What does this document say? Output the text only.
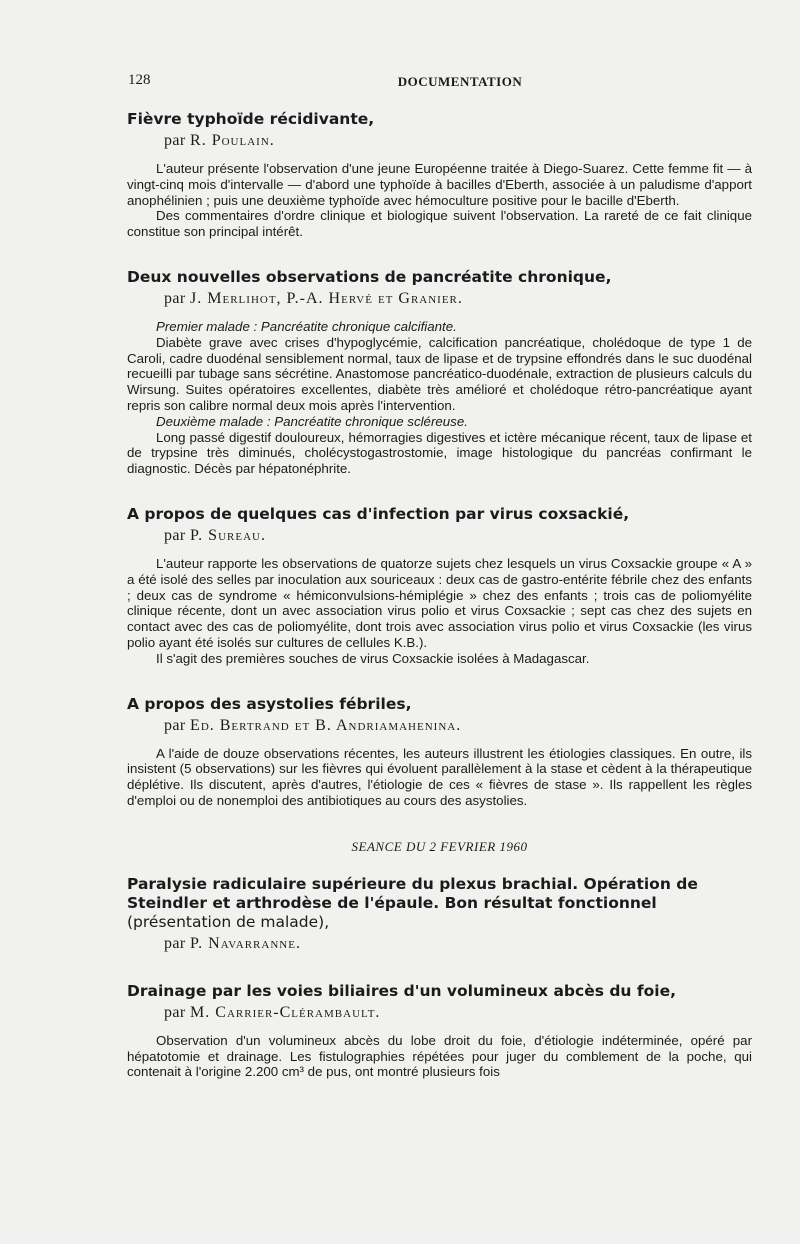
128	DOCUMENTATION
Fièvre typhoïde récidivante,
par R. Poulain.

L'auteur présente l'observation d'une jeune Européenne traitée à Diego-Suarez. Cette femme fit — à vingt-cinq mois d'intervalle — d'abord une typhoïde à bacilles d'Eberth, associée à un paludisme d'apport anophélinien ; puis une deuxième typhoïde avec hémoculture positive pour le bacille d'Eberth.

Des commentaires d'ordre clinique et biologique suivent l'observation. La rareté de ce fait clinique constitue son principal intérêt.

Deux nouvelles observations de pancréatite chronique,
par J. Merlihot, P.-A. Hervé et Granier.

Premier malade : Pancréatite chronique calcifiante.

Diabète grave avec crises d'hypoglycémie, calcification pancréatique, cholédoque de type 1 de Caroli, cadre duodénal sensiblement normal, taux de lipase et de trypsine effondrés dans le suc duodénal recueilli par tubage sans sécrétine. Anastomose pancréatico-duodénale, extraction de plusieurs calculs du Wirsung. Suites opératoires excellentes, diabète très amélioré et cholédoque rétro-pancréatique ayant repris son calibre normal deux mois après l'intervention.

Deuxième malade : Pancréatite chronique scléreuse.

Long passé digestif douloureux, hémorragies digestives et ictère mécanique récent, taux de lipase et de trypsine très diminués, cholécystogastrostomie, image histologique du pancréas confirmant le diagnostic. Décès par hépatonéphrite.

A propos de quelques cas d'infection par virus coxsackié,
par P. Sureau.

L'auteur rapporte les observations de quatorze sujets chez lesquels un virus Coxsackie groupe « A » a été isolé des selles par inoculation aux souriceaux : deux cas de gastro-entérite fébrile chez des enfants ; deux cas de syndrome « hémiconvulsions-hémiplégie » chez des enfants ; trois cas de poliomyélite clinique récente, dont un avec association virus polio et virus Coxsackie ; sept cas chez des sujets en contact avec des cas de poliomyélite, dont trois avec association virus polio et virus Coxsackie (les virus polio ayant été isolés sur cultures de cellules K.B.).

Il s'agit des premières souches de virus Coxsackie isolées à Madagascar.

A propos des asystolies fébriles,
par Ed. Bertrand et B. Andriamahenina.

A l'aide de douze observations récentes, les auteurs illustrent les étiologies classiques. En outre, ils insistent (5 observations) sur les fièvres qui évoluent parallèlement à la stase et cèdent à la thérapeutique déplétive. Ils discutent, après d'autres, l'étiologie de ces « fièvres de stase ». Ils rappellent les règles d'emploi ou de nonemploi des antibiotiques au cours des asystolies.

SEANCE DU 2 FEVRIER 1960
Paralysie radiculaire supérieure du plexus brachial. Opération de Steindler et arthrodèse de l'épaule. Bon résultat fonctionnel (présentation de malade),
par P. Navarranne.
Drainage par les voies biliaires d'un volumineux abcès du foie,
par M. Carrier-Clérambault.

Observation d'un volumineux abcès du lobe droit du foie, d'étiologie indéterminée, opéré par hépatotomie et drainage. Les fistulographies répétées pour juger du comblement de la poche, qui contenait à l'origine 2.200 cm³ de pus, ont montré plusieurs fois
